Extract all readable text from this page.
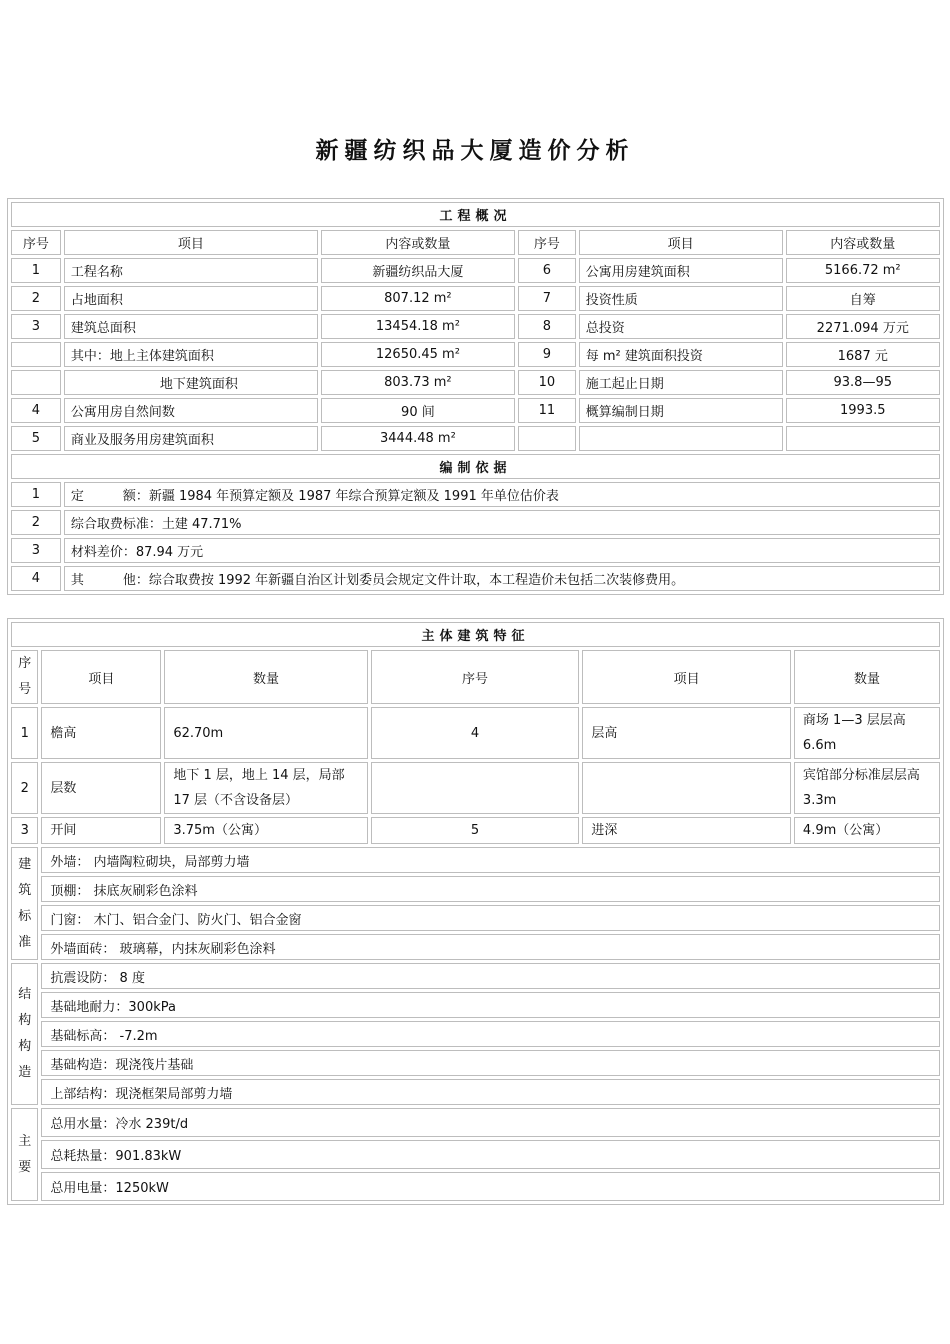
新疆纺织品大厦造价分析
工程概况					
序号	项目	内容或数量	序号	项目	内容或数量
1	工程名称	新疆纺织品大厦	6	公寓用房建筑面积	5166.72 m²
2	占地面积	807.12 m²	7	投资性质	自筹
3	建筑总面积	13454.18 m²	8	总投资	2271.094 万元
	其中：地上主体建筑面积	12650.45 m²	9	每 m² 建筑面积投资	1687 元
	地下建筑面积	803.73 m²	10	施工起止日期	93.8—95
4	公寓用房自然间数	90 间	11	概算编制日期	1993.5
5	商业及服务用房建筑面积	3444.48 m²			
编制依据					
1	定　　　额：新疆 1984 年预算定额及 1987 年综合预算定额及 1991 年单位估价表				
2	综合取费标准：土建 47.71%				
3	材料差价：87.94 万元				
4	其　　　他：综合取费按 1992 年新疆自治区计划委员会规定文件计取，本工程造价未包括二次装修费用。				
主体建筑特征					

序
号	项目	数量	序号	项目	数量
1	檐高	62.70m	4	层高	商场 1—3 层层高 6.6m
2	层数	地下 1 层，地上 14 层，局部 17 层（不含设备层）			宾馆部分标准层层高 3.3m
3	开间	3.75m（公寓）	5	进深	4.9m（公寓）

建
筑
标
准	外墙： 内墙陶粒砌块，局部剪力墙				
	顶棚： 抹底灰刷彩色涂料				
	门窗： 木门、铝合金门、防火门、铝合金窗				
	外墙面砖： 玻璃幕，内抹灰刷彩色涂料				

结
构
构
造	抗震设防： 8 度				
	基础地耐力：300kPa				
	基础标高： -7.2m				
	基础构造：现浇筏片基础				
	上部结构：现浇框架局部剪力墙				

主
要	总用水量：冷水 239t/d				
	总耗热量：901.83kW				
	总用电量：1250kW				
